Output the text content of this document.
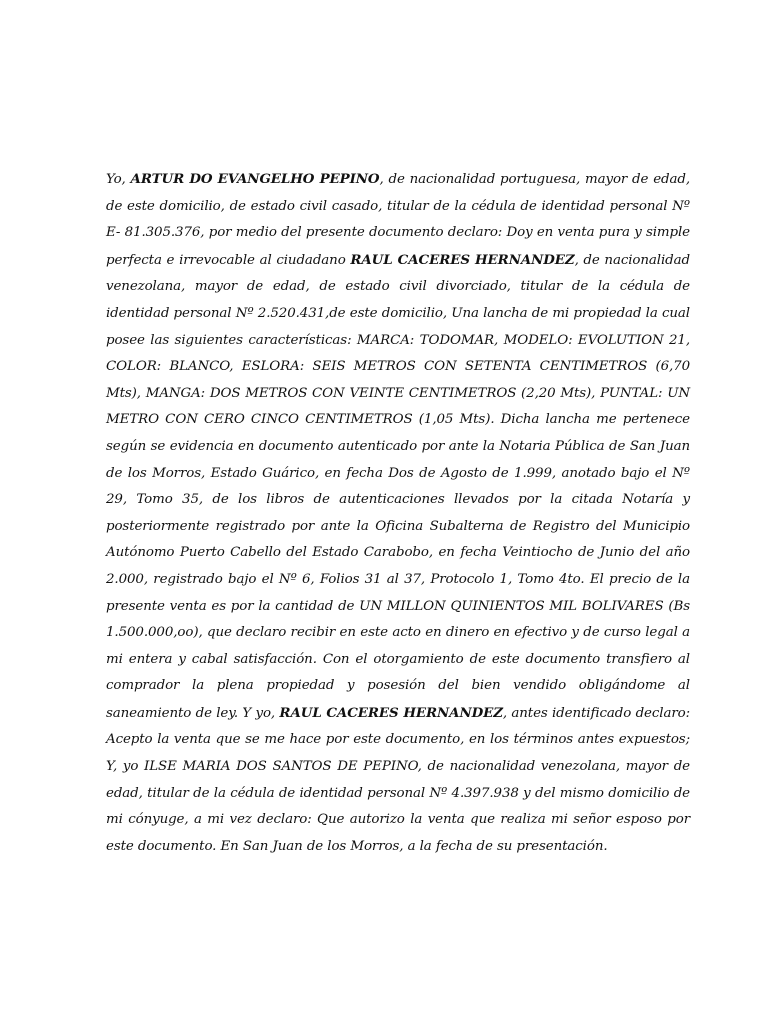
Yo, ARTUR DO EVANGELHO PEPINO, de nacionalidad portuguesa, mayor de edad, de este domicilio, de estado civil casado, titular de la cédula de identidad personal Nº E- 81.305.376, por medio del presente documento declaro: Doy en venta pura y simple perfecta e irrevocable al ciudadano RAUL CACERES HERNANDEZ, de nacionalidad venezolana, mayor de edad, de estado civil divorciado, titular de la cédula de identidad personal Nº 2.520.431,de este domicilio, Una lancha de mi propiedad la cual posee las siguientes características: MARCA: TODOMAR, MODELO: EVOLUTION 21, COLOR: BLANCO, ESLORA: SEIS METROS CON SETENTA CENTIMETROS (6,70 Mts), MANGA: DOS METROS CON VEINTE CENTIMETROS (2,20 Mts), PUNTAL: UN METRO CON CERO CINCO CENTIMETROS (1,05 Mts). Dicha lancha me pertenece según se evidencia en documento autenticado por ante la Notaria Pública de San Juan de los Morros, Estado Guárico, en fecha Dos de Agosto de 1.999, anotado bajo el Nº 29, Tomo 35, de los libros de autenticaciones llevados por la citada Notaría y posteriormente registrado por ante la Oficina Subalterna de Registro del Municipio Autónomo Puerto Cabello del Estado Carabobo, en fecha Veintiocho de Junio del año 2.000, registrado bajo el Nº 6, Folios 31 al 37, Protocolo 1, Tomo 4to. El precio de la presente venta es por la cantidad de UN MILLON QUINIENTOS MIL BOLIVARES (Bs 1.500.000,oo), que declaro recibir en este acto en dinero en efectivo y de curso legal a mi entera y cabal satisfacción. Con el otorgamiento de este documento transfiero al comprador la plena propiedad y posesión del bien vendido obligándome al saneamiento de ley. Y yo, RAUL CACERES HERNANDEZ, antes identificado declaro: Acepto la venta que se me hace por este documento, en los términos antes expuestos; Y, yo ILSE MARIA DOS SANTOS DE PEPINO, de nacionalidad venezolana, mayor de edad, titular de la cédula de identidad personal Nº 4.397.938 y del mismo domicilio de mi cónyuge, a mi vez declaro: Que autorizo la venta que realiza mi señor esposo por este documento. En San Juan de los Morros, a la fecha de su presentación.
